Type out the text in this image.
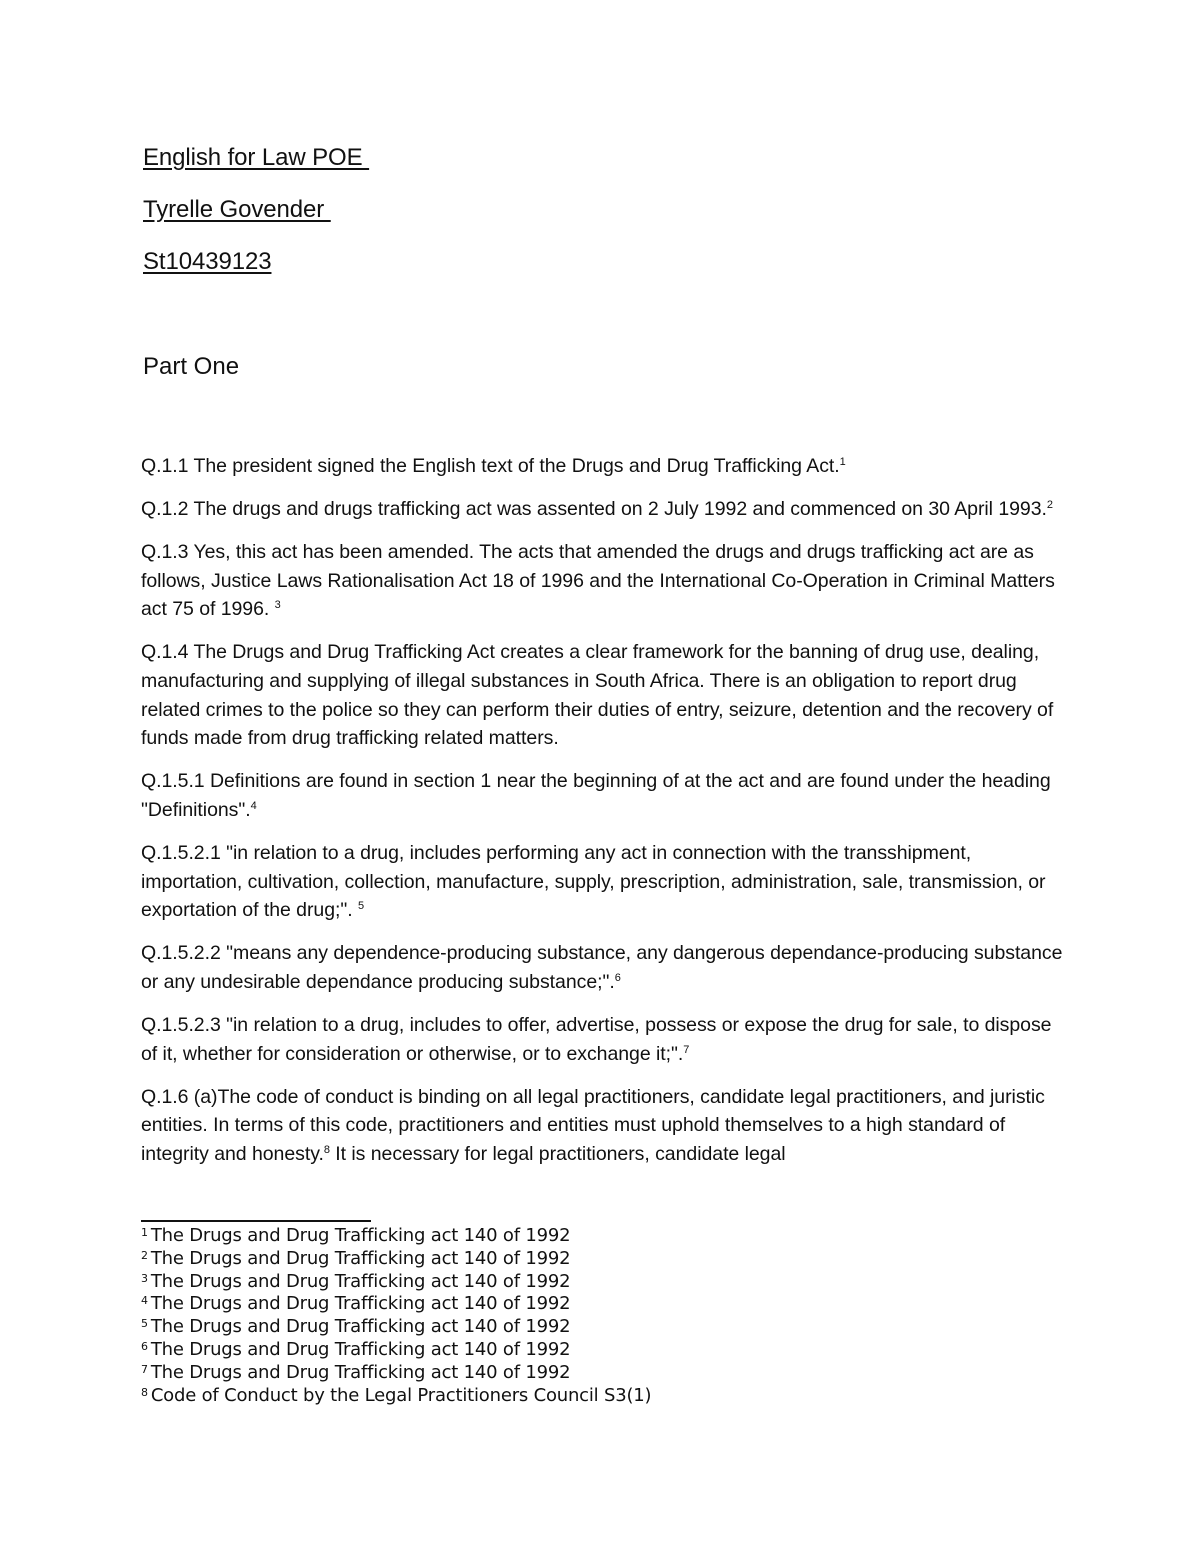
English for Law POE
Tyrelle Govender
St10439123
Part One

Q.1.1 The president signed the English text of the Drugs and Drug Trafficking Act.$^1$

Q.1.2 The drugs and drugs trafficking act was assented on 2 July 1992 and commenced on 30 April 1993.$^2$

Q.1.3 Yes, this act has been amended. The acts that amended the drugs and drugs trafficking act are as follows, Justice Laws Rationalisation Act 18 of 1996 and the International Co-Operation in Criminal Matters act 75 of 1996. $^3$

Q.1.4 The Drugs and Drug Trafficking Act creates a clear framework for the banning of drug use, dealing, manufacturing and supplying of illegal substances in South Africa. There is an obligation to report drug related crimes to the police so they can perform their duties of entry, seizure, detention and the recovery of funds made from drug trafficking related matters.

Q.1.5.1 Definitions are found in section 1 near the beginning of at the act and are found under the heading "Definitions".$^4$

Q.1.5.2.1 "in relation to a drug, includes performing any act in connection with the transshipment, importation, cultivation, collection, manufacture, supply, prescription, administration, sale, transmission, or exportation of the drug;". $^5$

Q.1.5.2.2 "means any dependence-producing substance, any dangerous dependance-producing substance or any undesirable dependance producing substance;".$^6$

Q.1.5.2.3 "in relation to a drug, includes to offer, advertise, possess or expose the drug for sale, to dispose of it, whether for consideration or otherwise, or to exchange it;".$^7$

Q.1.6 (a)The code of conduct is binding on all legal practitioners, candidate legal practitioners, and juristic entities. In terms of this code, practitioners and entities must uphold themselves to a high standard of integrity and honesty.$^8$ It is necessary for legal practitioners, candidate legal

$^1$ The Drugs and Drug Trafficking act 140 of 1992

$^2$ The Drugs and Drug Trafficking act 140 of 1992

$^3$ The Drugs and Drug Trafficking act 140 of 1992

$^4$ The Drugs and Drug Trafficking act 140 of 1992

$^5$ The Drugs and Drug Trafficking act 140 of 1992

$^6$ The Drugs and Drug Trafficking act 140 of 1992

$^7$ The Drugs and Drug Trafficking act 140 of 1992

$^8$ Code of Conduct by the Legal Practitioners Council S3(1)
